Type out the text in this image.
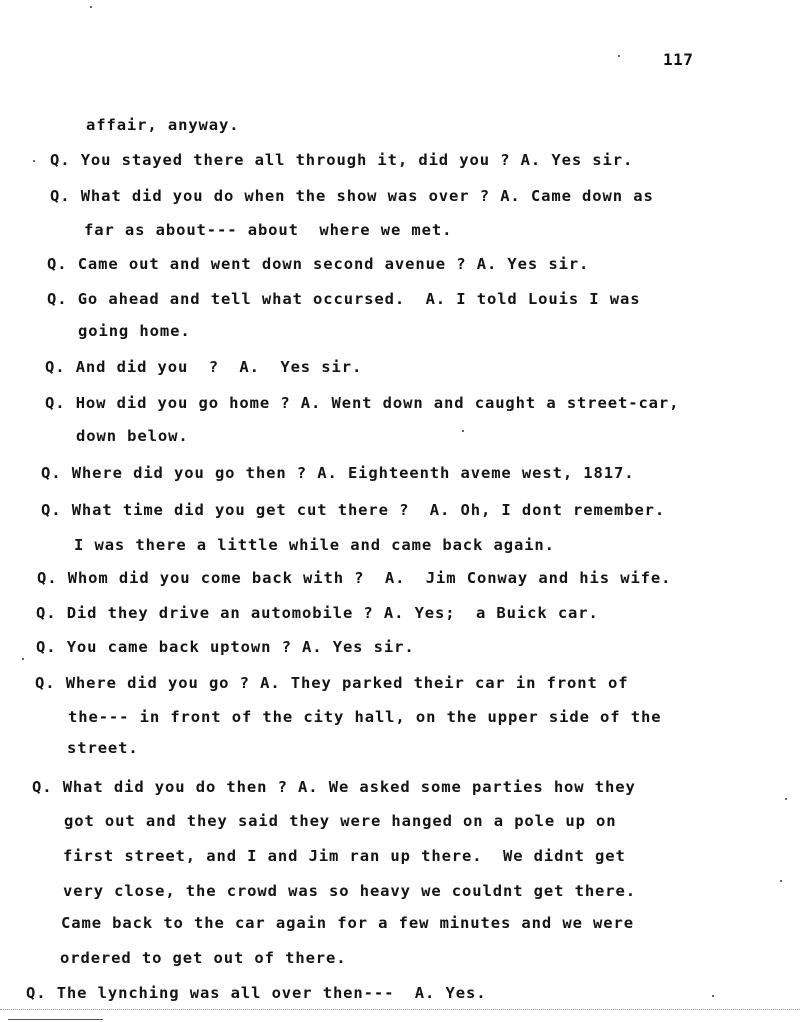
117
affair, anyway.
Q. You stayed there all through it, did you ? A. Yes sir.
Q. What did you do when the show was over ? A. Came down as
far as about--- about  where we met.
Q. Came out and went down second avenue ? A. Yes sir.
Q. Go ahead and tell what occursed.  A. I told Louis I was
going home.
Q. And did you  ?  A.  Yes sir.
Q. How did you go home ? A. Went down and caught a street-car,
down below.
Q. Where did you go then ? A. Eighteenth aveme west, 1817.
Q. What time did you get cut there ?  A. Oh, I dont remember.
I was there a little while and came back again.
Q. Whom did you come back with ?  A.  Jim Conway and his wife.
Q. Did they drive an automobile ? A. Yes;  a Buick car.
Q. You came back uptown ? A. Yes sir.
Q. Where did you go ? A. They parked their car in front of
the--- in front of the city hall, on the upper side of the
street.
Q. What did you do then ? A. We asked some parties how they
got out and they said they were hanged on a pole up on
first street, and I and Jim ran up there.  We didnt get
very close, the crowd was so heavy we couldnt get there.
Came back to the car again for a few minutes and we were
ordered to get out of there.
Q. The lynching was all over then---  A. Yes.
